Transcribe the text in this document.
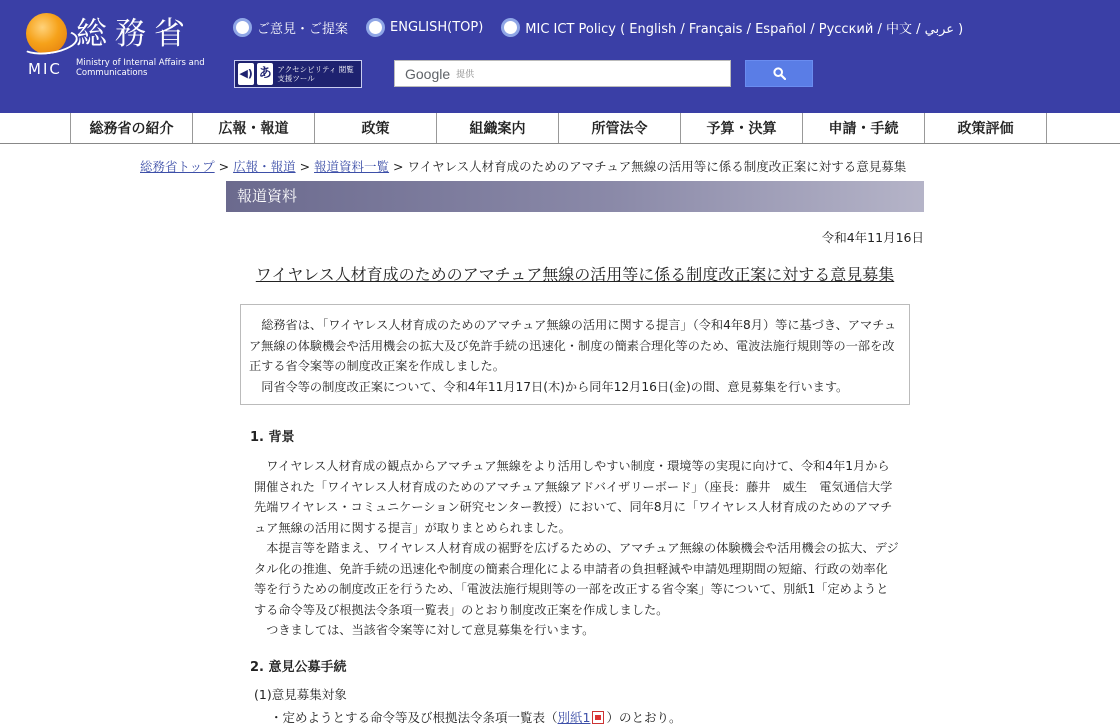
総務省
MIC Ministry of Internal Affairs and Communications
ご意見・ご提案	ENGLISH(TOP)	MIC ICT Policy ( English / Français / Español / Русский / 中文 / عربي )
◀) あ アクセシビリティ 閲覧支援ツール	Google 提供
総務省の紹介	広報・報道	政策	組織案内	所管法令	予算・決算	申請・手続	政策評価
総務省トップ > 広報・報道 > 報道資料一覧 > ワイヤレス人材育成のためのアマチュア無線の活用等に係る制度改正案に対する意見募集
報道資料
令和4年11月16日
ワイヤレス人材育成のためのアマチュア無線の活用等に係る制度改正案に対する意見募集

総務省は、「ワイヤレス人材育成のためのアマチュア無線の活用に関する提言」（令和4年8月）等に基づき、アマチュア無線の体験機会や活用機会の拡大及び免許手続の迅速化・制度の簡素合理化等のため、電波法施行規則等の一部を改正する省令案等の制度改正案を作成しました。

同省令等の制度改正案について、令和4年11月17日(木)から同年12月16日(金)の間、意見募集を行います。

1. 背景

ワイヤレス人材育成の観点からアマチュア無線をより活用しやすい制度・環境等の実現に向けて、令和4年1月から開催された「ワイヤレス人材育成のためのアマチュア無線アドバイザリーボード」（座長：藤井　威生　電気通信大学先端ワイヤレス・コミュニケーション研究センター教授）において、同年8月に「ワイヤレス人材育成のためのアマチュア無線の活用に関する提言」が取りまとめられました。

本提言等を踏まえ、ワイヤレス人材育成の裾野を広げるための、アマチュア無線の体験機会や活用機会の拡大、デジタル化の推進、免許手続の迅速化や制度の簡素合理化による申請者の負担軽減や申請処理期間の短縮、行政の効率化等を行うための制度改正を行うため、「電波法施行規則等の一部を改正する省令案」等について、別紙1「定めようとする命令等及び根拠法令条項一覧表」のとおり制度改正案を作成しました。

つきましては、当該省令案等に対して意見募集を行います。

2. 意見公募手続
(1)意見募集対象
・定めようとする命令等及び根拠法令条項一覧表（別紙1 ）のとおり。
